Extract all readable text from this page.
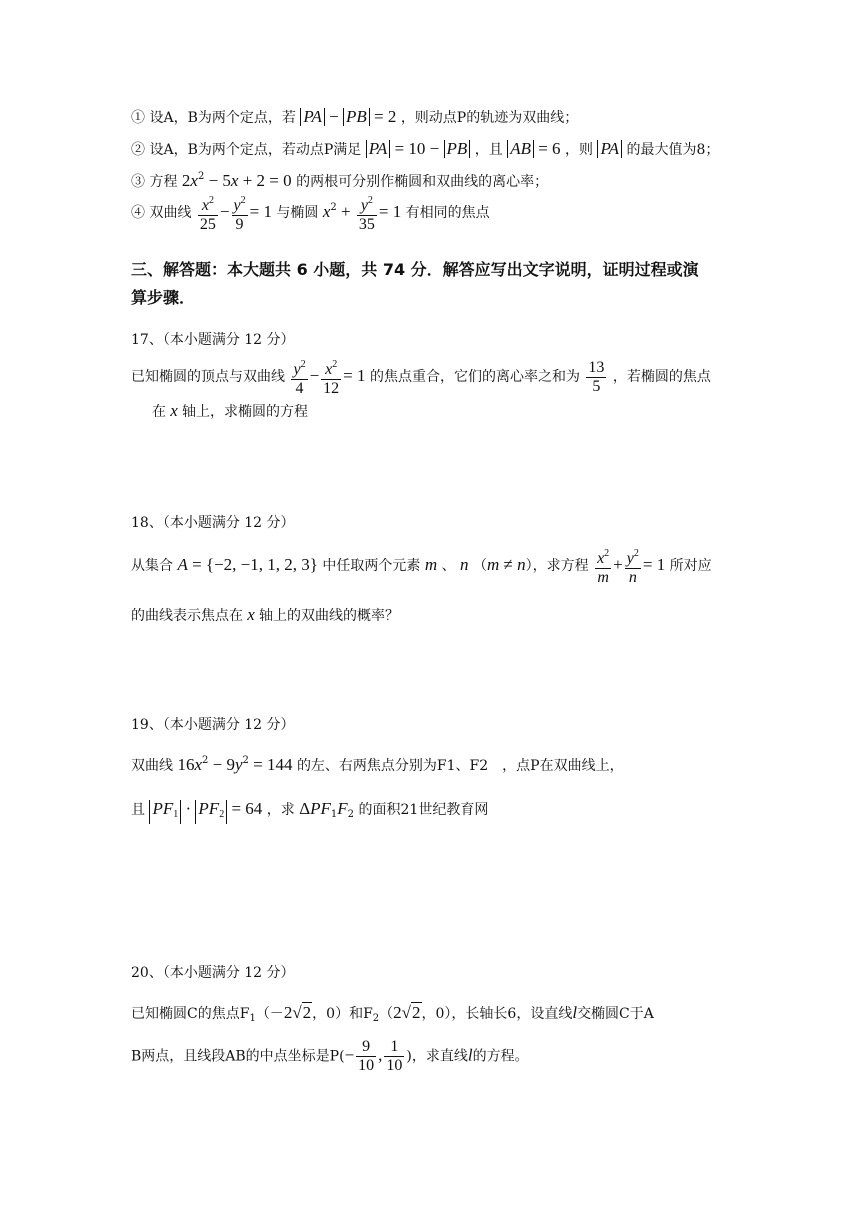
① 设A，B为两个定点，若 PA − PB = 2 ，则动点P的轨迹为双曲线；
② 设A，B为两个定点，若动点P满足 PA = 10 − PB ，且 AB = 6 ，则 PA 的最大值为8；
③ 方程 $2x^2 - 5x + 2 = 0$ 的两根可分别作椭圆和双曲线的离心率；
④ 双曲线 $\frac{x^2}{25} - \frac{y^2}{9} = 1$ 与椭圆 $x^2 + \frac{y^2}{35} = 1$ 有相同的焦点
三、解答题：本大题共 6 小题，共 74 分．解答应写出文字说明，证明过程或演
算步骤．
17、（本小题满分 12 分）
已知椭圆的顶点与双曲线 $\frac{y^2}{4} - \frac{x^2}{12} = 1$ 的焦点重合，它们的离心率之和为 $\frac{13}{5}$ ，若椭圆的焦点
在 x 轴上，求椭圆的方程
18、（本小题满分 12 分）
从集合 A = {−2, −1, 1, 2, 3} 中任取两个元素 m 、 n （m ≠ n），求方程 $\frac{x^2}{m} + \frac{y^2}{n} = 1$ 所对应
的曲线表示焦点在 x 轴上的双曲线的概率？
19、（本小题满分 12 分）
双曲线 $16x^2 - 9y^2 = 144$ 的左、右两焦点分别为F1、F2　，点P在双曲线上，
且 $PF_1 \cdot PF_2 = 64$ ，求 $\Delta PF_1F_2$ 的面积21世纪教育网
20、（本小题满分 12 分）
已知椭圆C的焦点$F_1(-2√2$，0）和$F_2(2√2$，0），长轴长6，设直线l交椭圆C于A
B两点，且线段AB的中点坐标是$P(- \frac{9}{10}$ , $\frac{1}{10}$ )，求直线l的方程。
